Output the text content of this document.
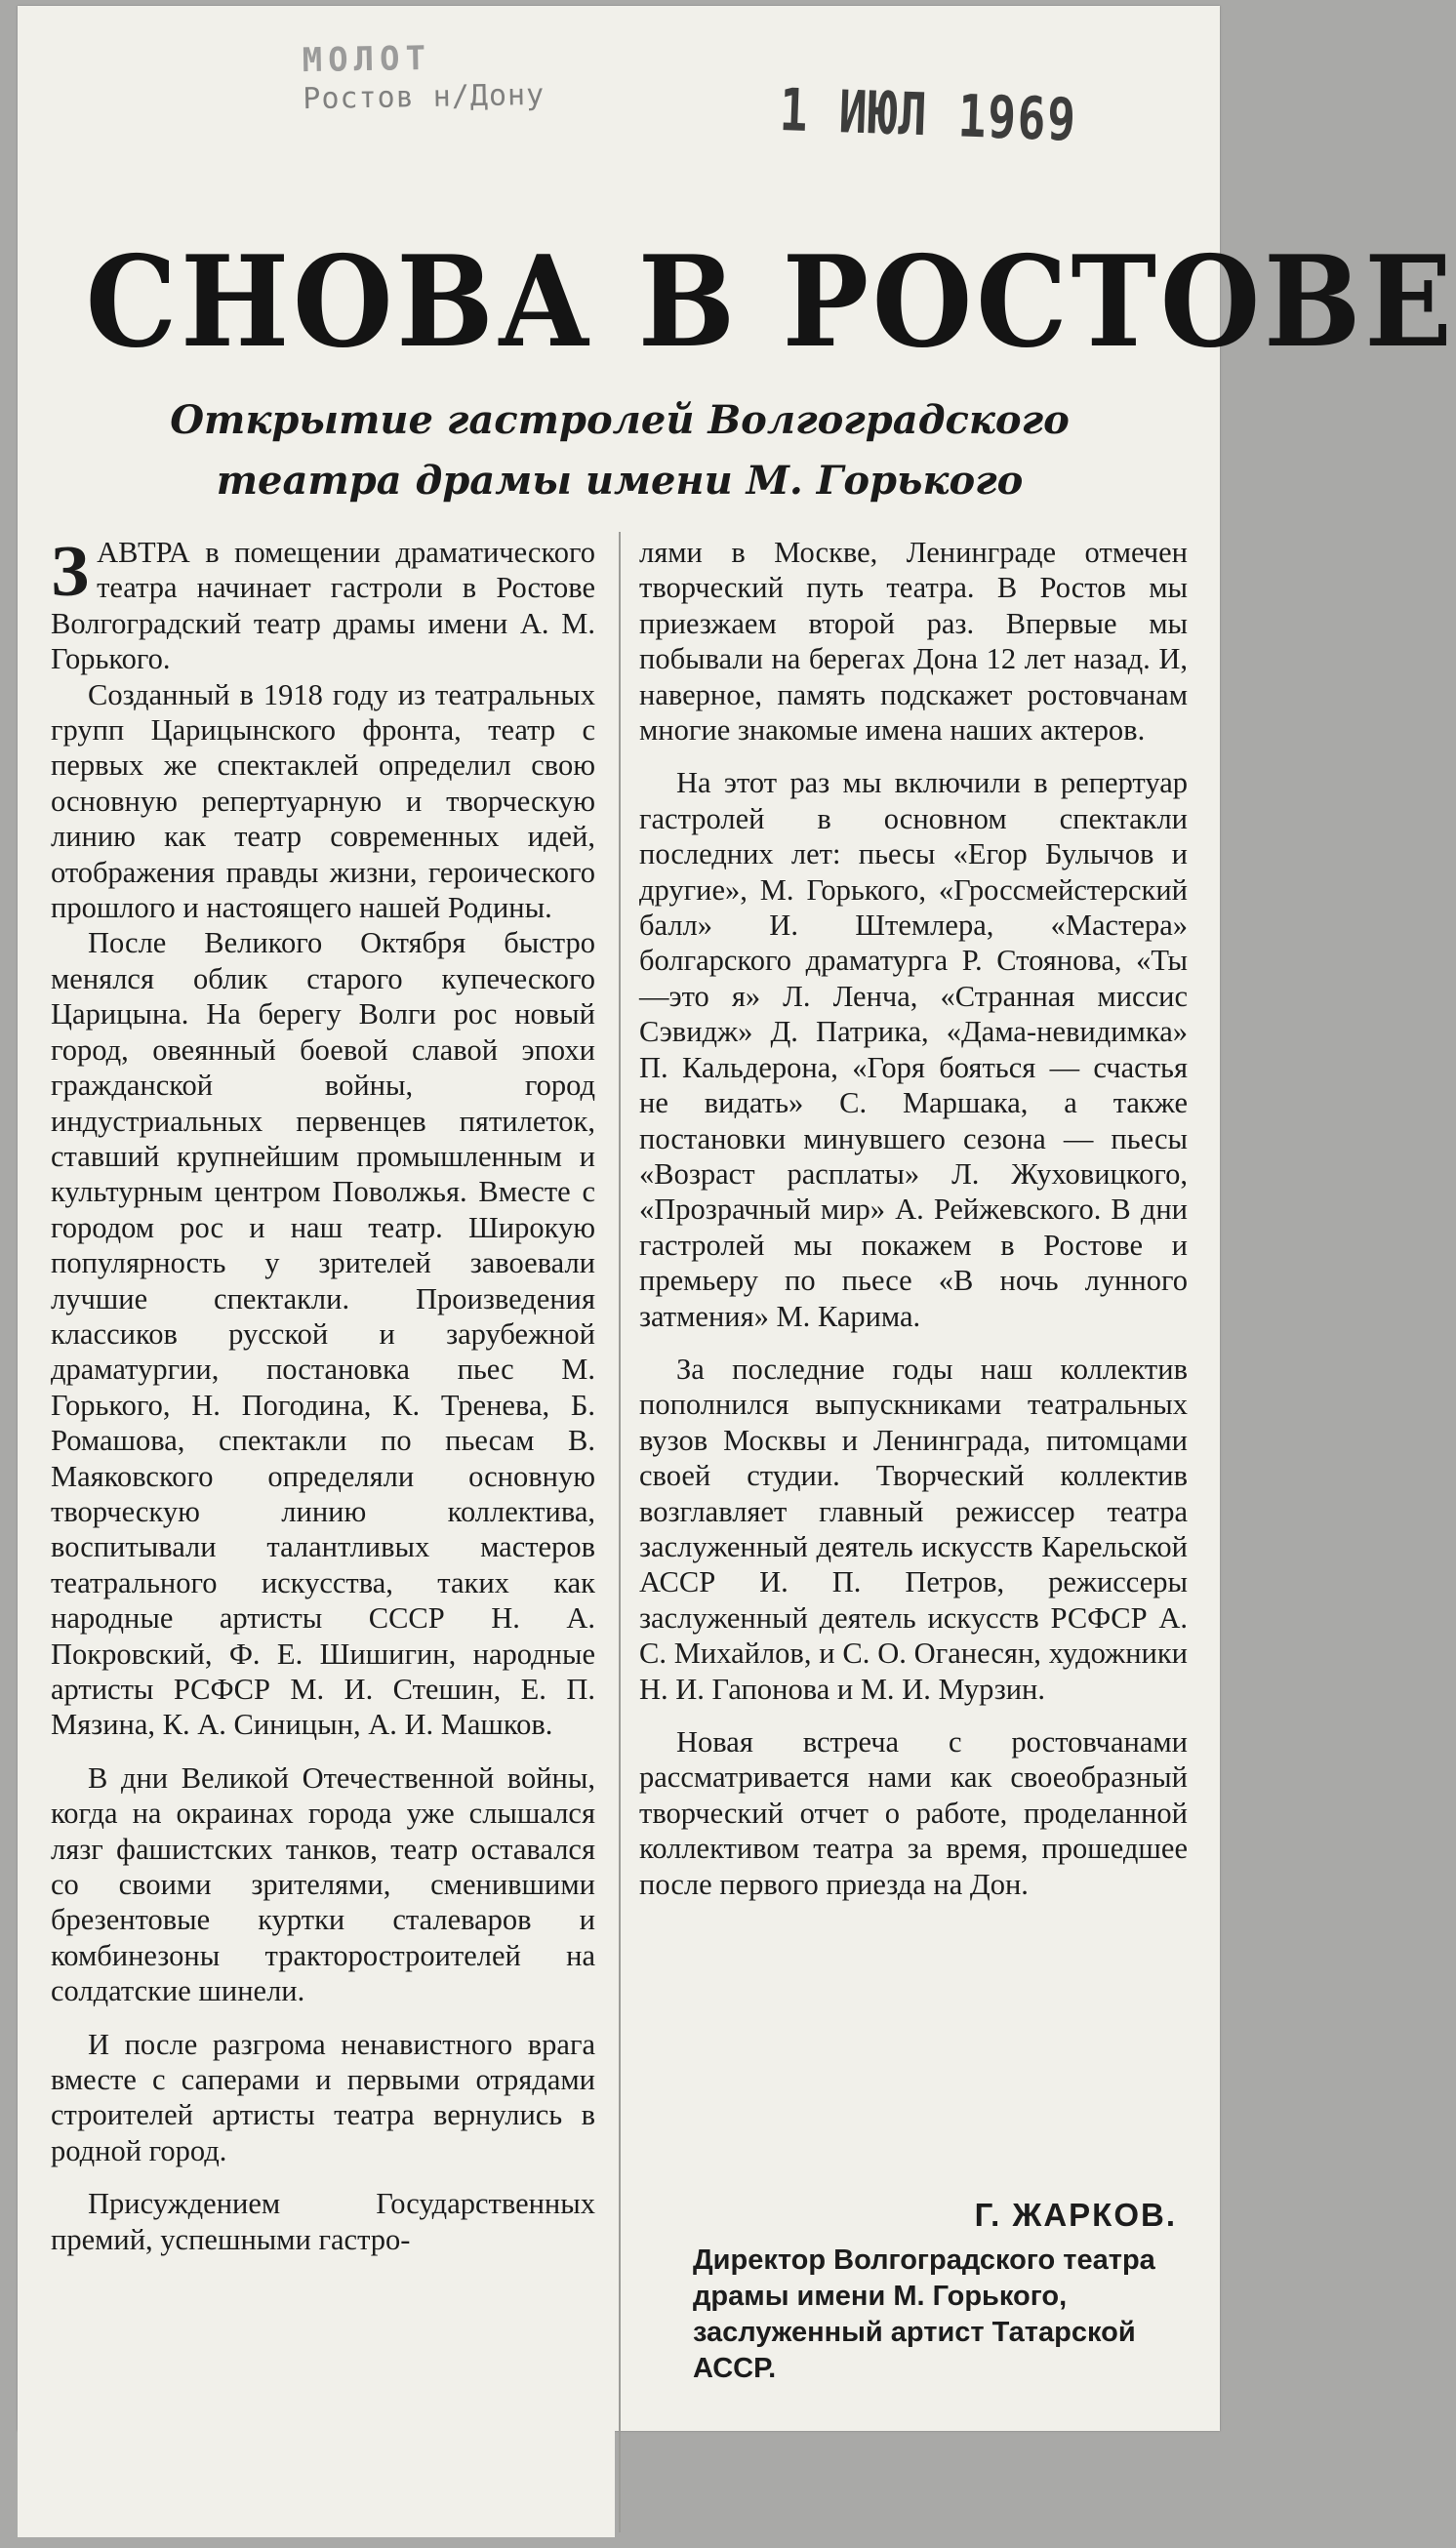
МОЛОТ
Ростов н/Дону	1 ИЮЛ 1969
СНОВА В РОСТОВЕ
Открытие гастролей Волгоградского театра драмы имени М. Горького

ЗАВТРА в помещении драматического театра начинает гастроли в Ростове Волгоградский театр драмы имени А. М. Горького.

Созданный в 1918 году из театральных групп Царицынского фронта, театр с первых же спектаклей определил свою основную репертуарную и творческую линию как театр современных идей, отображения правды жизни, героического прошлого и настоящего нашей Родины.

После Великого Октября быстро менялся облик старого купеческого Царицына. На берегу Волги рос новый город, овеянный боевой славой эпохи гражданской войны, город индустриальных первенцев пятилеток, ставший крупнейшим промышленным и культурным центром Поволжья. Вместе с городом рос и наш театр. Широкую популярность у зрителей завоевали лучшие спектакли. Произведения классиков русской и зарубежной драматургии, постановка пьес М. Горького, Н. Погодина, К. Тренева, Б. Ромашова, спектакли по пьесам В. Маяковского определяли основную творческую линию коллектива, воспитывали талантливых мастеров театрального искусства, таких как народные артисты СССР Н. А. Покровский, Ф. Е. Шишигин, народные артисты РСФСР М. И. Стешин, Е. П. Мязина, К. А. Синицын, А. И. Машков.

В дни Великой Отечественной войны, когда на окраинах города уже слышался лязг фашистских танков, театр оставался со своими зрителями, сменившими брезентовые куртки сталеваров и комбинезоны тракторостроителей на солдатские шинели.

И после разгрома ненавистного врага вместе с саперами и первыми отрядами строителей артисты театра вернулись в родной город.

Присуждением Государственных премий, успешными гастро-

лями в Москве, Ленинграде отмечен творческий путь театра. В Ростов мы приезжаем второй раз. Впервые мы побывали на берегах Дона 12 лет назад. И, наверное, память подскажет ростовчанам многие знакомые имена наших актеров.

На этот раз мы включили в репертуар гастролей в основном спектакли последних лет: пьесы «Егор Булычов и другие», М. Горького, «Гроссмейстерский балл» И. Штемлера, «Мастера» болгарского драматурга Р. Стоянова, «Ты—это я» Л. Ленча, «Странная миссис Сэвидж» Д. Патрика, «Дама-невидимка» П. Кальдерона, «Горя бояться — счастья не видать» С. Маршака, а также постановки минувшего сезона — пьесы «Возраст расплаты» Л. Жуховицкого, «Прозрачный мир» А. Рейжевского. В дни гастролей мы покажем в Ростове и премьеру по пьесе «В ночь лунного затмения» М. Карима.

За последние годы наш коллектив пополнился выпускниками театральных вузов Москвы и Ленинграда, питомцами своей студии. Творческий коллектив возглавляет главный режиссер театра заслуженный деятель искусств Карельской АССР И. П. Петров, режиссеры заслуженный деятель искусств РСФСР А. С. Михайлов, и С. О. Оганесян, художники Н. И. Гапонова и М. И. Мурзин.

Новая встреча с ростовчанами рассматривается нами как своеобразный творческий отчет о работе, проделанной коллективом театра за время, прошедшее после первого приезда на Дон.

Г. ЖАРКОВ.
Директор Волгоградского театра драмы имени М. Горького, заслуженный артист Татарской АССР.
